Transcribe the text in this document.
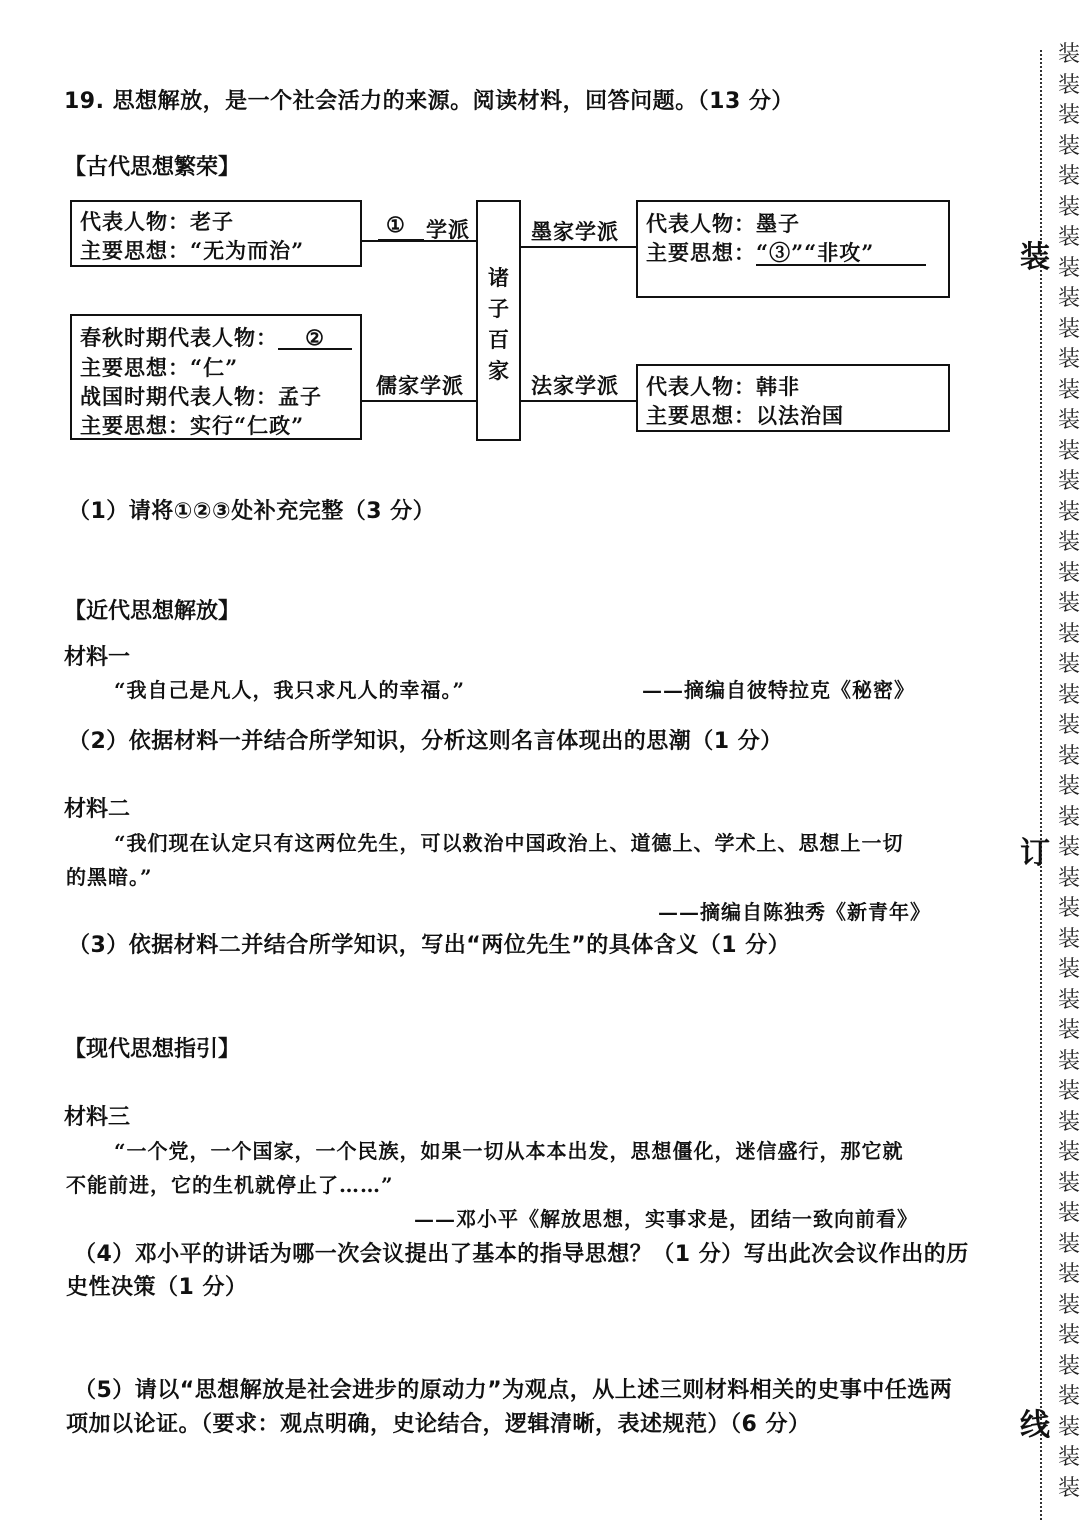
19. 思想解放，是一个社会活力的来源。阅读材料，回答问题。（13 分）
【古代思想繁荣】
代表人物：老子
主要思想：“无为而治”
① 学派
春秋时期代表人物： ②
主要思想：“仁”
战国时期代表人物：孟子
主要思想：实行“仁政”
儒家学派
诸
子
百
家
墨家学派 代表人物：墨子
主要思想：“③”“非攻”
法家学派 代表人物：韩非
主要思想：以法治国
（1）请将①②③处补充完整（3 分）
【近代思想解放】
材料一
“我自己是凡人，我只求凡人的幸福。”	——摘编自彼特拉克《秘密》
（2）依据材料一并结合所学知识，分析这则名言体现出的思潮（1 分）
材料二
“我们现在认定只有这两位先生，可以救治中国政治上、道德上、学术上、思想上一切
的黑暗。”
——摘编自陈独秀《新青年》
（3）依据材料二并结合所学知识，写出“两位先生”的具体含义（1 分）
【现代思想指引】
材料三
“一个党，一个国家，一个民族，如果一切从本本出发，思想僵化，迷信盛行，那它就
不能前进，它的生机就停止了……”
——邓小平《解放思想，实事求是，团结一致向前看》
（4）邓小平的讲话为哪一次会议提出了基本的指导思想？（1 分）写出此次会议作出的历
史性决策（1 分）
（5）请以“思想解放是社会进步的原动力”为观点，从上述三则材料相关的史事中任选两
项加以论证。（要求：观点明确，史论结合，逻辑清晰，表述规范）（6 分）
装
订
线
装装装装装装装装装装装装装装装装装装装装装装装装装装装装装装装装装装装装装装装装装装装装装装装装
